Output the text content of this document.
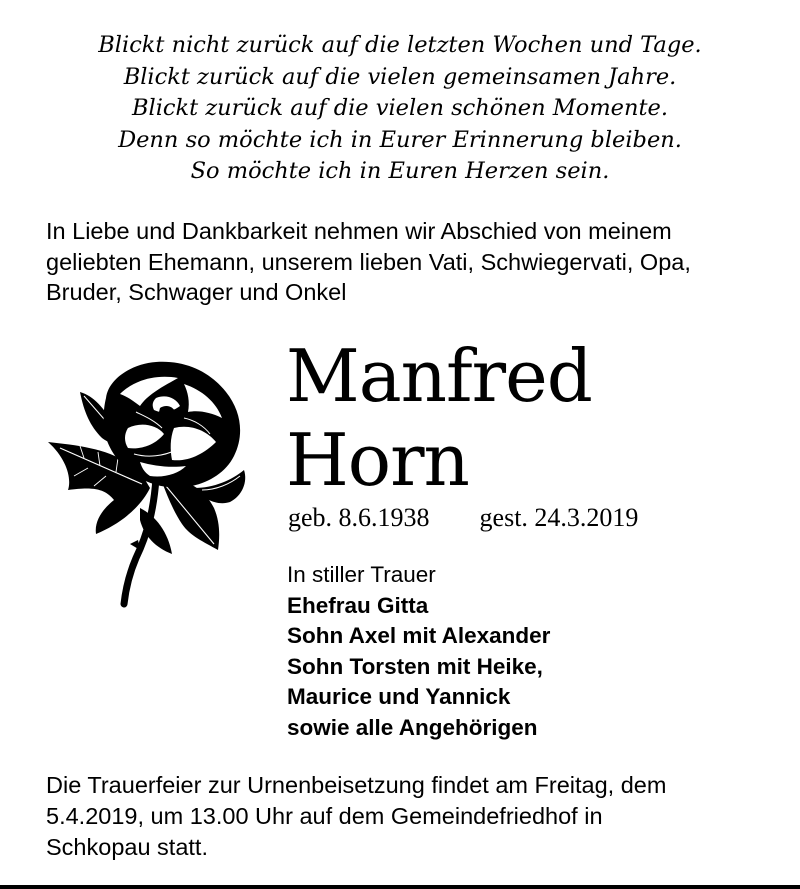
Blickt nicht zurück auf die letzten Wochen und Tage.
Blickt zurück auf die vielen gemeinsamen Jahre.
Blickt zurück auf die vielen schönen Momente.
Denn so möchte ich in Eurer Erinnerung bleiben.
So möchte ich in Euren Herzen sein.
In Liebe und Dankbarkeit nehmen wir Abschied von meinem
geliebten Ehemann, unserem lieben Vati, Schwiegervati, Opa,
Bruder, Schwager und Onkel
Manfred
Horn
geb. 8.6.1938 gest. 24.3.2019
In stiller Trauer
Ehefrau Gitta
Sohn Axel mit Alexander
Sohn Torsten mit Heike,
Maurice und Yannick
sowie alle Angehörigen
Die Trauerfeier zur Urnenbeisetzung findet am Freitag, dem
5.4.2019, um 13.00 Uhr auf dem Gemeindefriedhof in
Schkopau statt.
